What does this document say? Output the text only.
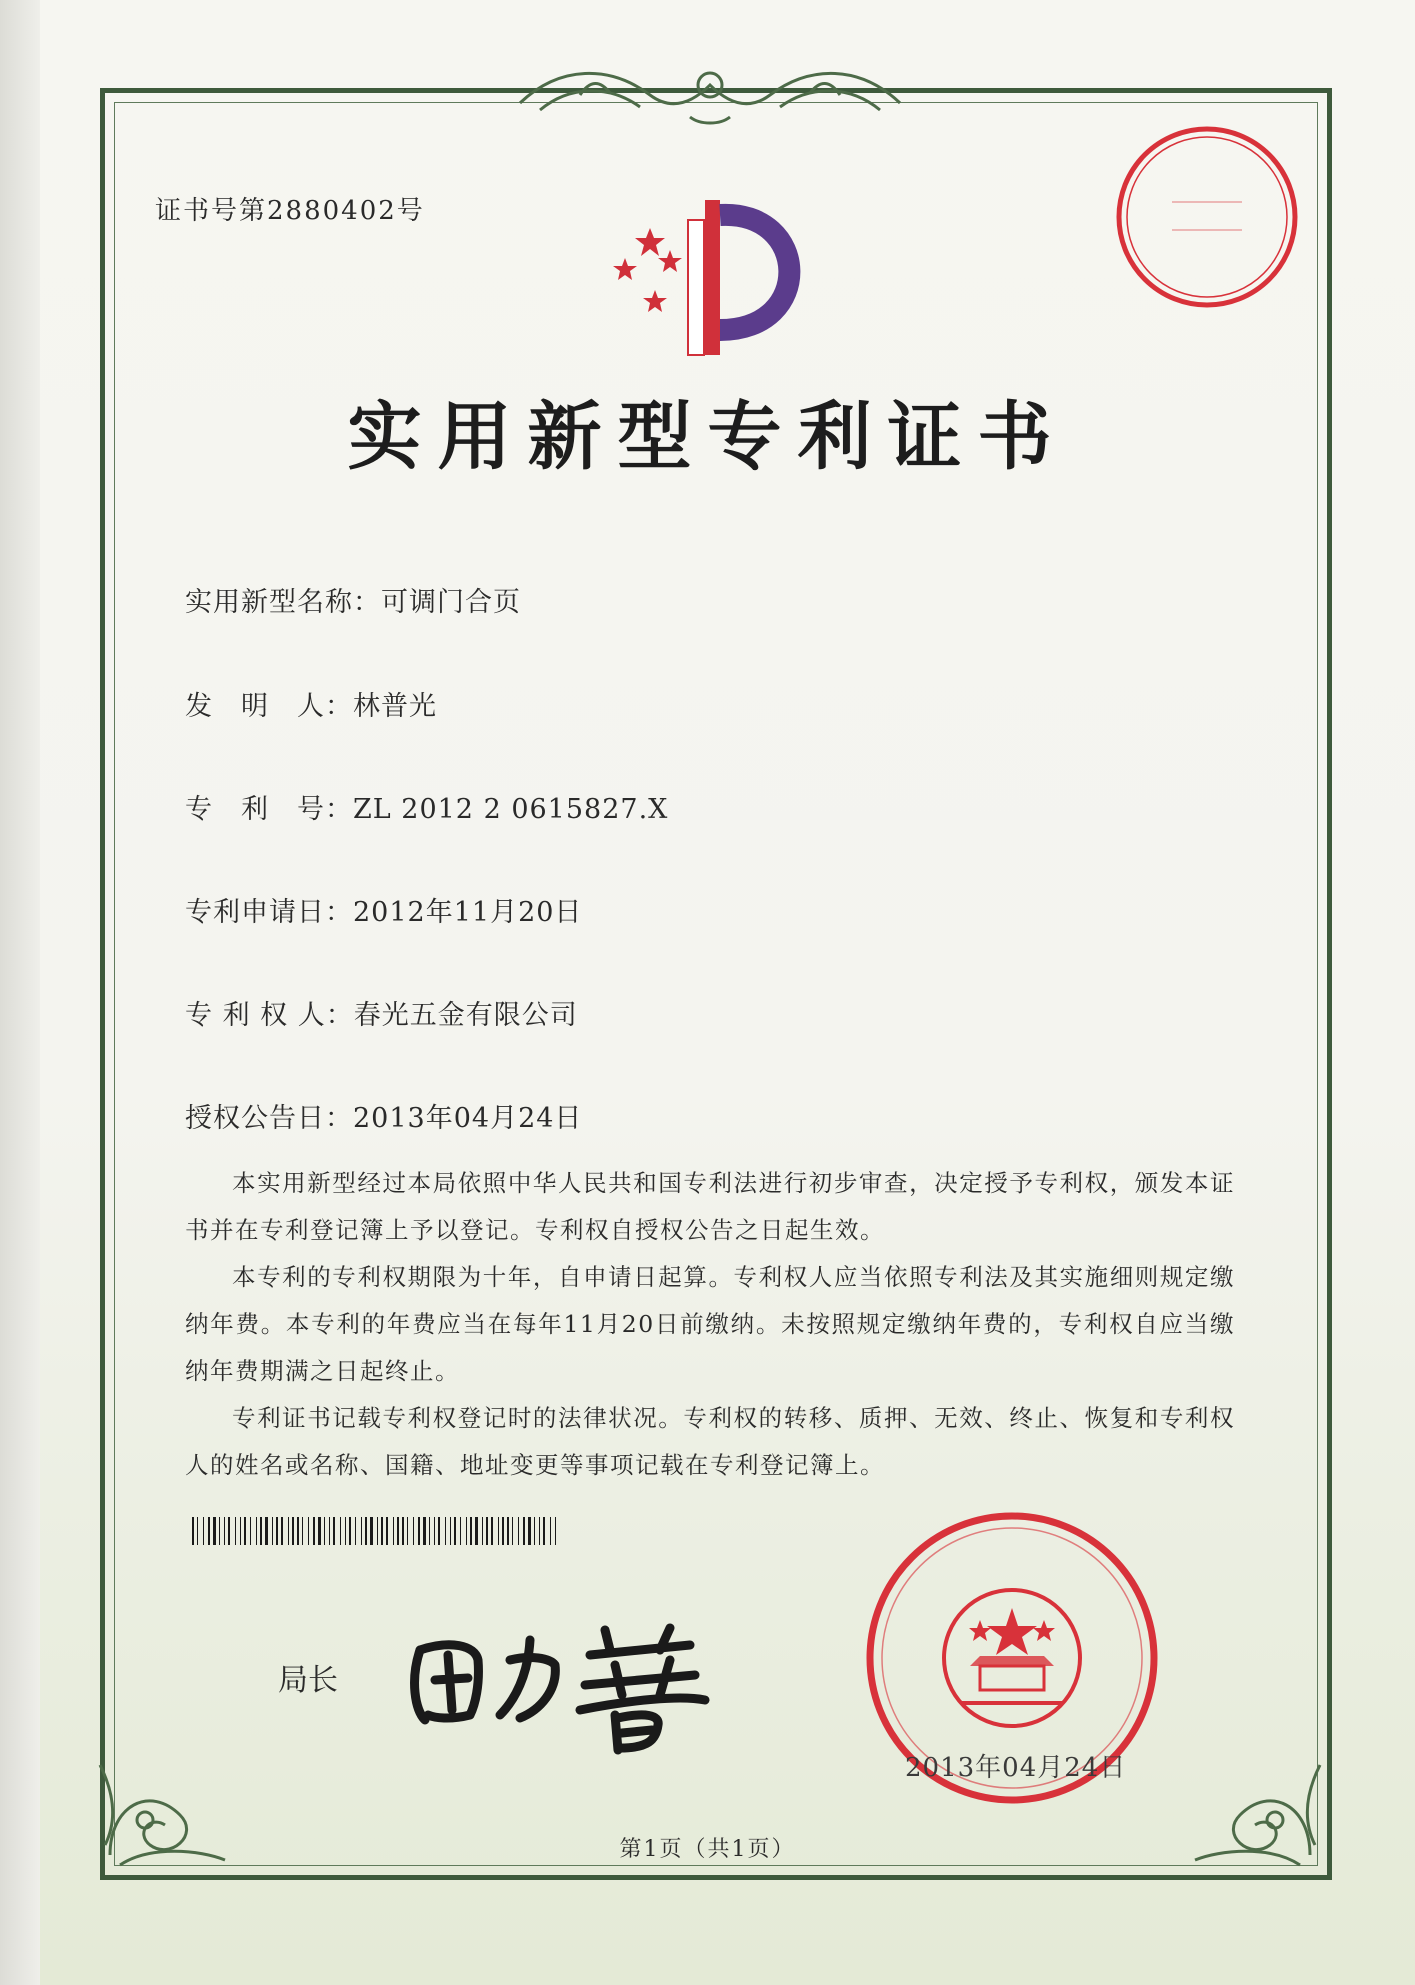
证书号第2880402号
实用新型专利证书
实用新型名称：可调门合页
发　明　人：林普光
专　利　号：ZL 2012 2 0615827.X
专利申请日：2012年11月20日
专 利 权 人：春光五金有限公司
授权公告日：2013年04月24日

本实用新型经过本局依照中华人民共和国专利法进行初步审查，决定授予专利权，颁发本证书并在专利登记簿上予以登记。专利权自授权公告之日起生效。

本专利的专利权期限为十年，自申请日起算。专利权人应当依照专利法及其实施细则规定缴纳年费。本专利的年费应当在每年11月20日前缴纳。未按照规定缴纳年费的，专利权自应当缴纳年费期满之日起终止。

专利证书记载专利权登记时的法律状况。专利权的转移、质押、无效、终止、恢复和专利权人的姓名或名称、国籍、地址变更等事项记载在专利登记簿上。

局长
2013年04月24日
第1页（共1页）
